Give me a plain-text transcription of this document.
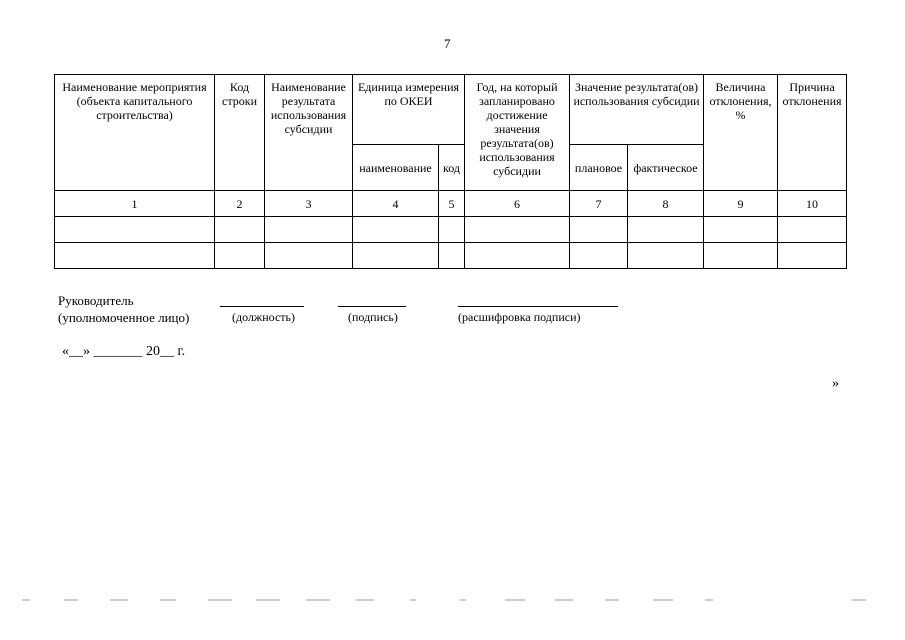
7
Наименование мероприятия (объекта капитального строительства)	Код строки	Наименование результата использования субсидии	Единица измерения по ОКЕИ		Год, на который запланировано достижение значения результата(ов) использования субсидии	Значение результата(ов) использования субсидии		Величина отклонения, %	Причина отклонения
			наименование	код		плановое	фактическое		
1	2	3	4	5	6	7	8	9	10

Руководитель
(уполномоченное лицо)	(должность)	(подпись)	(расшифровка подписи)
«__» _______ 20__ г.
»
